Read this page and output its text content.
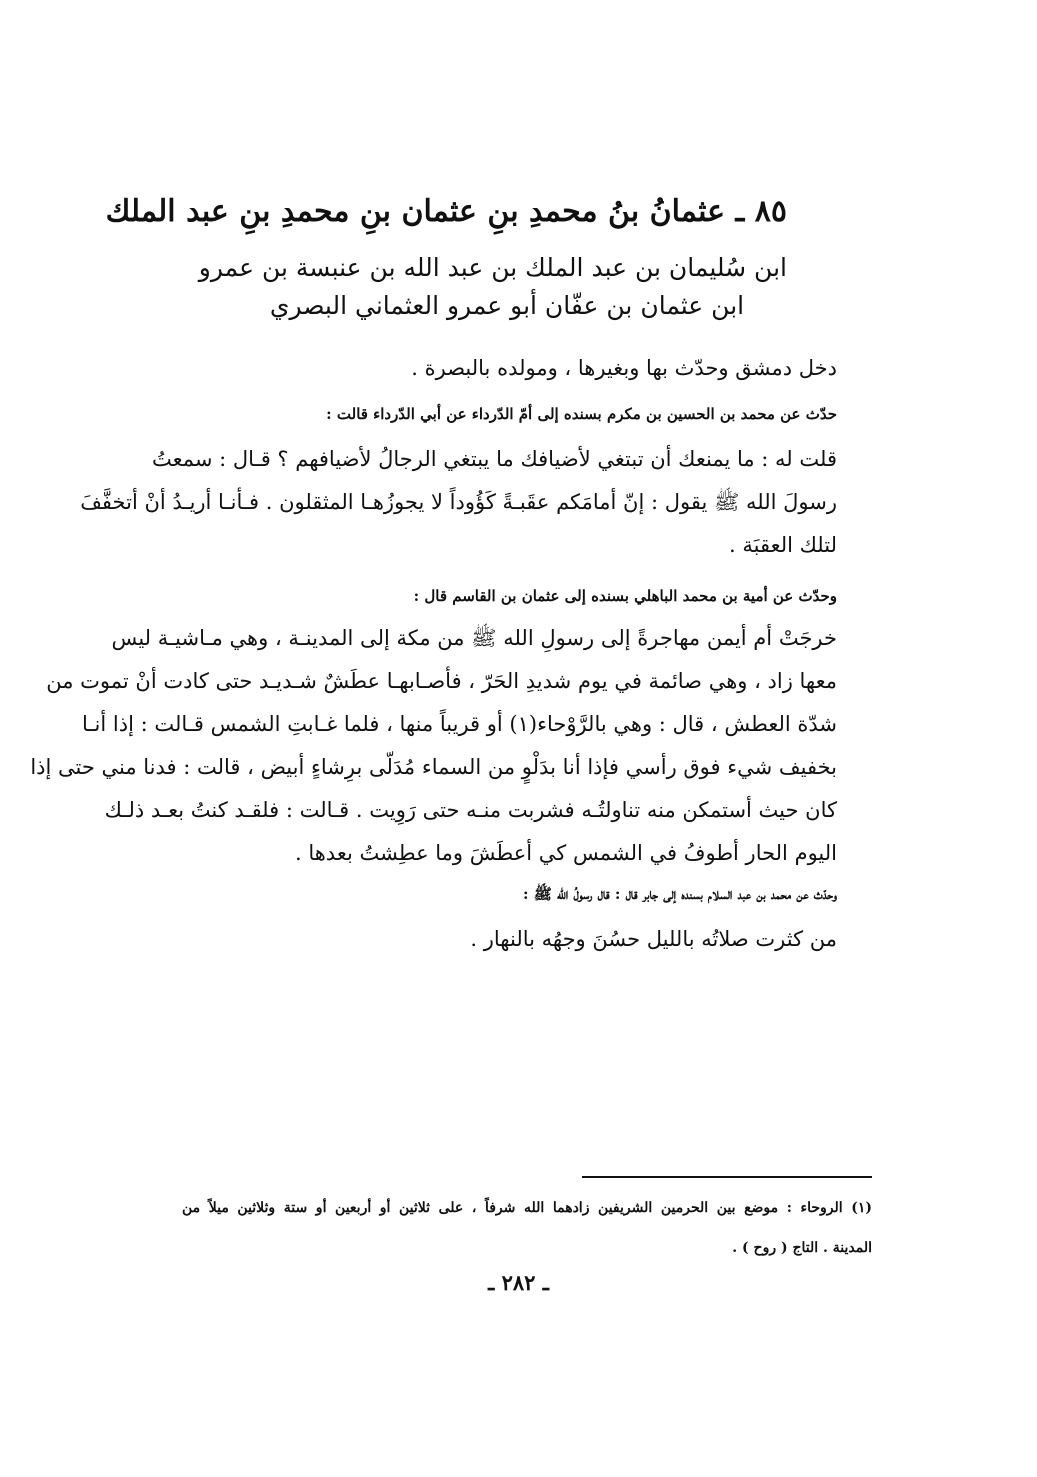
٨٥ ـ عثمانُ بنُ محمدِ بنِ عثمان بنِ محمدِ بنِ عبد الملك
ابن سُليمان بن عبد الملك بن عبد الله بن عنبسة بن عمرو
ابن عثمان بن عفّان أبو عمرو العثماني البصري
دخل دمشق وحدّث بها وبغيرها ، ومولده بالبصرة .
حدّث عن محمد بن الحسين بن مكرم بسنده إلى أمّ الدّرداء عن أبي الدّرداء قالت :
قلت له : ما يمنعك أن تبتغي لأضيافك ما يبتغي الرجالُ لأضيافهم ؟ قـال : سمعتُ
رسولَ الله ﷺ يقول : إنّ أمامَكم عقَبـةً كَؤُوداً لا يجوزُهـا المثقلون . فـأنـا أريـدُ أنْ أتخفَّفَ
لتلك العقبَة .
وحدّث عن أمية بن محمد الباهلي بسنده إلى عثمان بن القاسم قال :
خرجَتْ أم أيمن مهاجرةً إلى رسولِ الله ﷺ من مكة إلى المدينـة ، وهي مـاشيـة ليس
معها زاد ، وهي صائمة في يوم شديدِ الحَرّ ، فأصـابهـا عطَشٌ شـديـد حتى كادت أنْ تموت من
شدّة العطش ، قال : وهي بالرَّوْحاء(١) أو قريباً منها ، فلما غـابتِ الشمس قـالت : إذا أنـا
بخفيف شيء فوق رأسي فإذا أنا بدَلْوٍ من السماء مُدَلّى برِشاءٍ أبيض ، قالت : فدنا مني حتى إذا
كان حيث أستمكن منه تناولتُـه فشربت منـه حتى رَوِيت . قـالت : فلقـد كنتُ بعـد ذلـك
اليوم الحار أطوفُ في الشمس كي أعطَشَ وما عطِشتُ بعدها .
وحدّث عن محمد بن عبد السلام بسنده إلى جابر قال : قال رسولُ الله ﷺ :
من كثرت صلاتُه بالليل حسُنَ وجهُه بالنهار .
(١) الروحاء : موضع بين الحرمين الشريفين زادهما الله شرفاً ، على ثلاثين أو أربعين أو ستة وثلاثين ميلاً من
المدينة . التاج ( روح ) .
ـ ٢٨٢ ـ
